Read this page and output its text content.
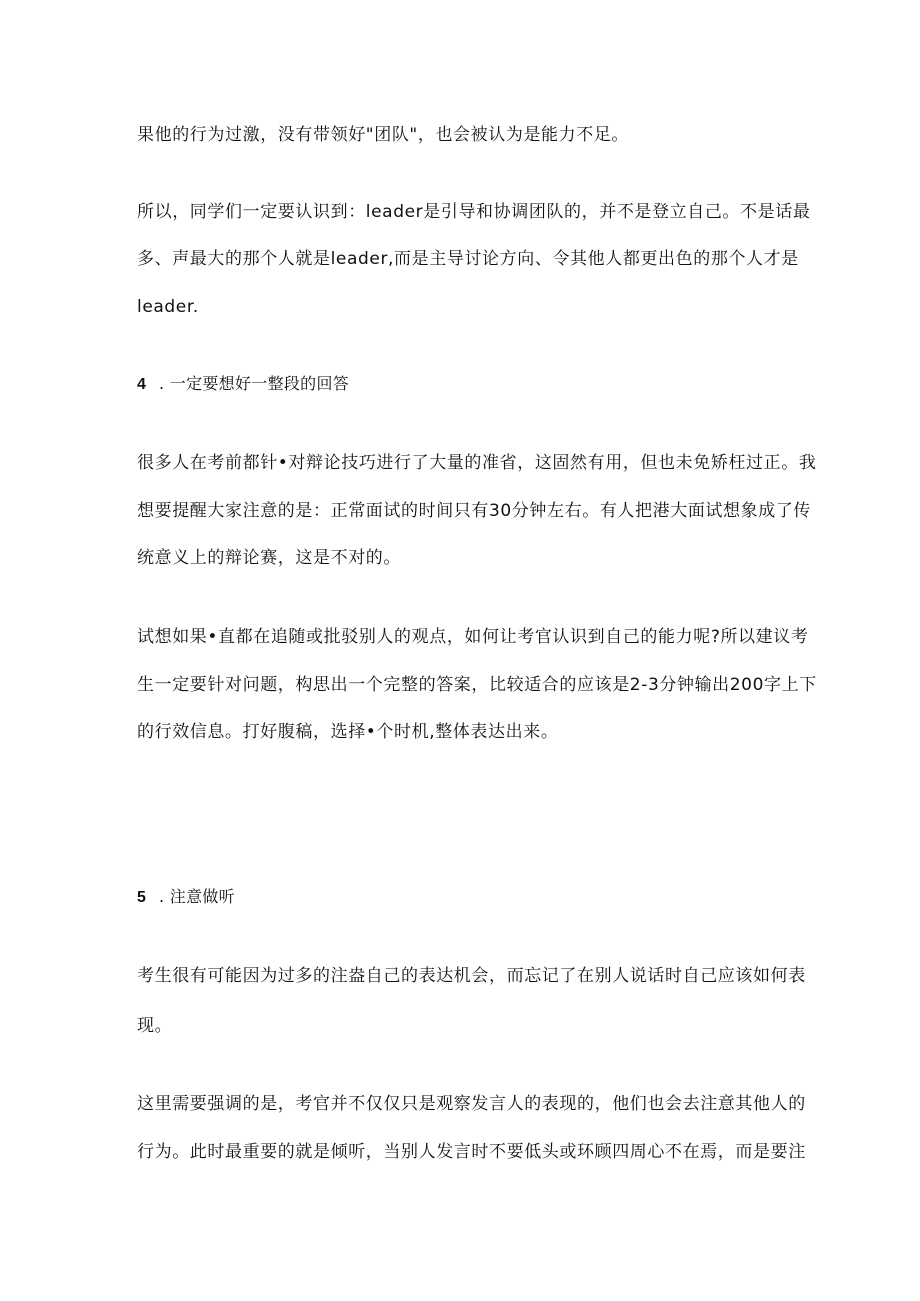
果他的行为过激，没有带领好"团队"，也会被认为是能力不足。
所以，同学们一定要认识到：leader是引导和协调团队的，并不是登立自己。不是话最
多、声最大的那个人就是leader,而是主导讨论方向、令其他人都更出色的那个人才是
leader.
4 . 一定要想好一整段的回答
很多人在考前都针•对辩论技巧进行了大量的准省，这固然有用，但也未免矫枉过正。我
想要提醒大家注意的是：正常面试的时间只有30分钟左右。有人把港大面试想象成了传
统意义上的辩论赛，这是不对的。
试想如果•直都在追随或批驳别人的观点，如何让考官认识到自己的能力呢?所以建议考
生一定要针对问题，构思出一个完整的答案，比较适合的应该是2-3分钟输出200字上下
的行效信息。打好腹稿，选择•个时机,整体表达出来。
5 . 注意做听
考生很有可能因为过多的注盎自己的表达机会，而忘记了在别人说话时自己应该如何表
现。
这里需要强调的是，考官并不仅仅只是观察发言人的表现的，他们也会去注意其他人的
行为。此时最重要的就是倾听，当别人发言时不要低头或环顾四周心不在焉，而是要注
